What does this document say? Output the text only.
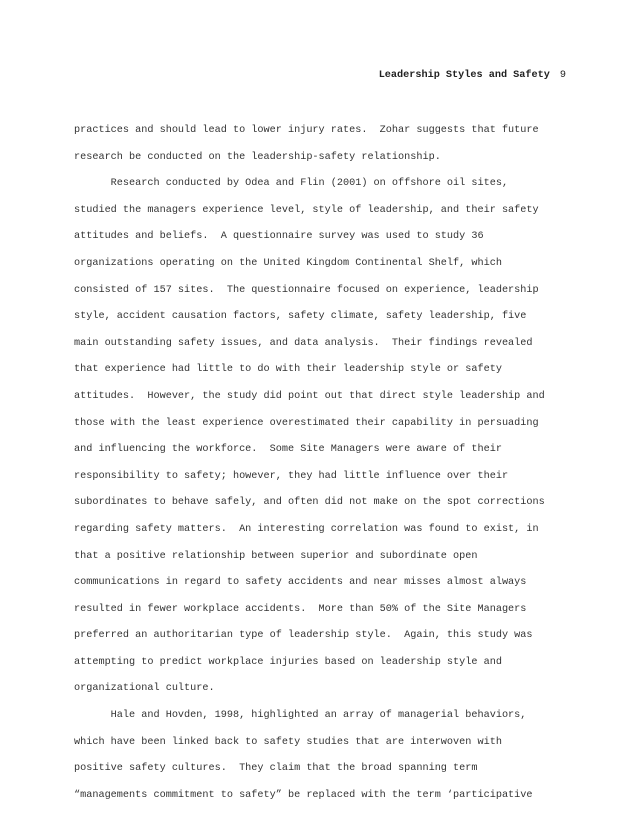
Leadership Styles and Safety 9
practices and should lead to lower injury rates.  Zohar suggests that future
research be conducted on the leadership-safety relationship.
Research conducted by Odea and Flin (2001) on offshore oil sites,
studied the managers experience level, style of leadership, and their safety
attitudes and beliefs.  A questionnaire survey was used to study 36
organizations operating on the United Kingdom Continental Shelf, which
consisted of 157 sites.  The questionnaire focused on experience, leadership
style, accident causation factors, safety climate, safety leadership, five
main outstanding safety issues, and data analysis.  Their findings revealed
that experience had little to do with their leadership style or safety
attitudes.  However, the study did point out that direct style leadership and
those with the least experience overestimated their capability in persuading
and influencing the workforce.  Some Site Managers were aware of their
responsibility to safety; however, they had little influence over their
subordinates to behave safely, and often did not make on the spot corrections
regarding safety matters.  An interesting correlation was found to exist, in
that a positive relationship between superior and subordinate open
communications in regard to safety accidents and near misses almost always
resulted in fewer workplace accidents.  More than 50% of the Site Managers
preferred an authoritarian type of leadership style.  Again, this study was
attempting to predict workplace injuries based on leadership style and
organizational culture.
Hale and Hovden, 1998, highlighted an array of managerial behaviors,
which have been linked back to safety studies that are interwoven with
positive safety cultures.  They claim that the broad spanning term
“managements commitment to safety” be replaced with the term ‘participative
